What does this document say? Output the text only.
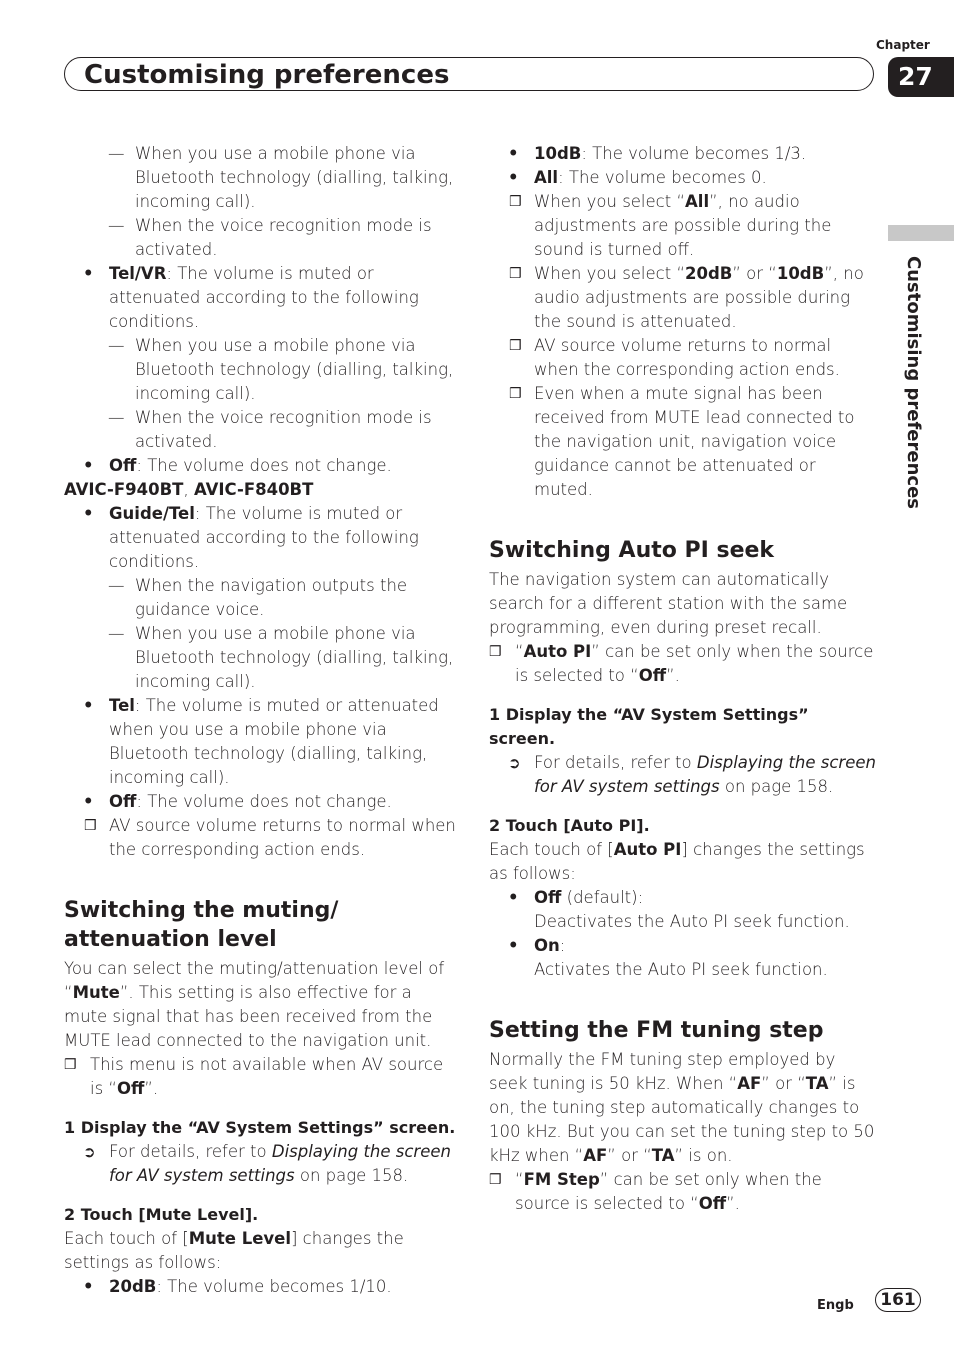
Chapter
27
Customising preferences
Customising preferences

— When you use a mobile phone via Bluetooth technology (dialling, talking, incoming call).

— When the voice recognition mode is activated.

• Tel/VR: The volume is muted or attenuated according to the following conditions.

— When you use a mobile phone via Bluetooth technology (dialling, talking, incoming call).

— When the voice recognition mode is activated.

• Off: The volume does not change.

AVIC-F940BT, AVIC-F840BT

• Guide/Tel: The volume is muted or attenuated according to the following conditions.

— When the navigation outputs the guidance voice.

— When you use a mobile phone via Bluetooth technology (dialling, talking, incoming call).

• Tel: The volume is muted or attenuated when you use a mobile phone via Bluetooth technology (dialling, talking, incoming call).

• Off: The volume does not change.

❒ AV source volume returns to normal when the corresponding action ends.

Switching the muting/ attenuation level

You can select the muting/attenuation level of “Mute”. This setting is also effective for a mute signal that has been received from the MUTE lead connected to the navigation unit.

❒ This menu is not available when AV source is “Off”.

1 Display the “AV System Settings” screen.

➲ For details, refer to Displaying the screen for AV system settings on page 158.

2 Touch [Mute Level].

Each touch of [Mute Level] changes the settings as follows:

• 20dB: The volume becomes 1/10.

• 10dB: The volume becomes 1/3.

• All: The volume becomes 0.

❒ When you select “All”, no audio adjustments are possible during the sound is turned off.

❒ When you select “20dB” or “10dB”, no audio adjustments are possible during the sound is attenuated.

❒ AV source volume returns to normal when the corresponding action ends.

❒ Even when a mute signal has been received from MUTE lead connected to the navigation unit, navigation voice guidance cannot be attenuated or muted.

Switching Auto PI seek

The navigation system can automatically search for a different station with the same programming, even during preset recall.

❒ “Auto PI” can be set only when the source is selected to “Off”.

1 Display the “AV System Settings” screen.

➲ For details, refer to Displaying the screen for AV system settings on page 158.

2 Touch [Auto PI].

Each touch of [Auto PI] changes the settings as follows:

• Off (default):

Deactivates the Auto PI seek function.

• On:

Activates the Auto PI seek function.

Setting the FM tuning step

Normally the FM tuning step employed by seek tuning is 50 kHz. When “AF” or “TA” is on, the tuning step automatically changes to 100 kHz. But you can set the tuning step to 50 kHz when “AF” or “TA” is on.

❒ “FM Step” can be set only when the source is selected to “Off”.

Engb	161
